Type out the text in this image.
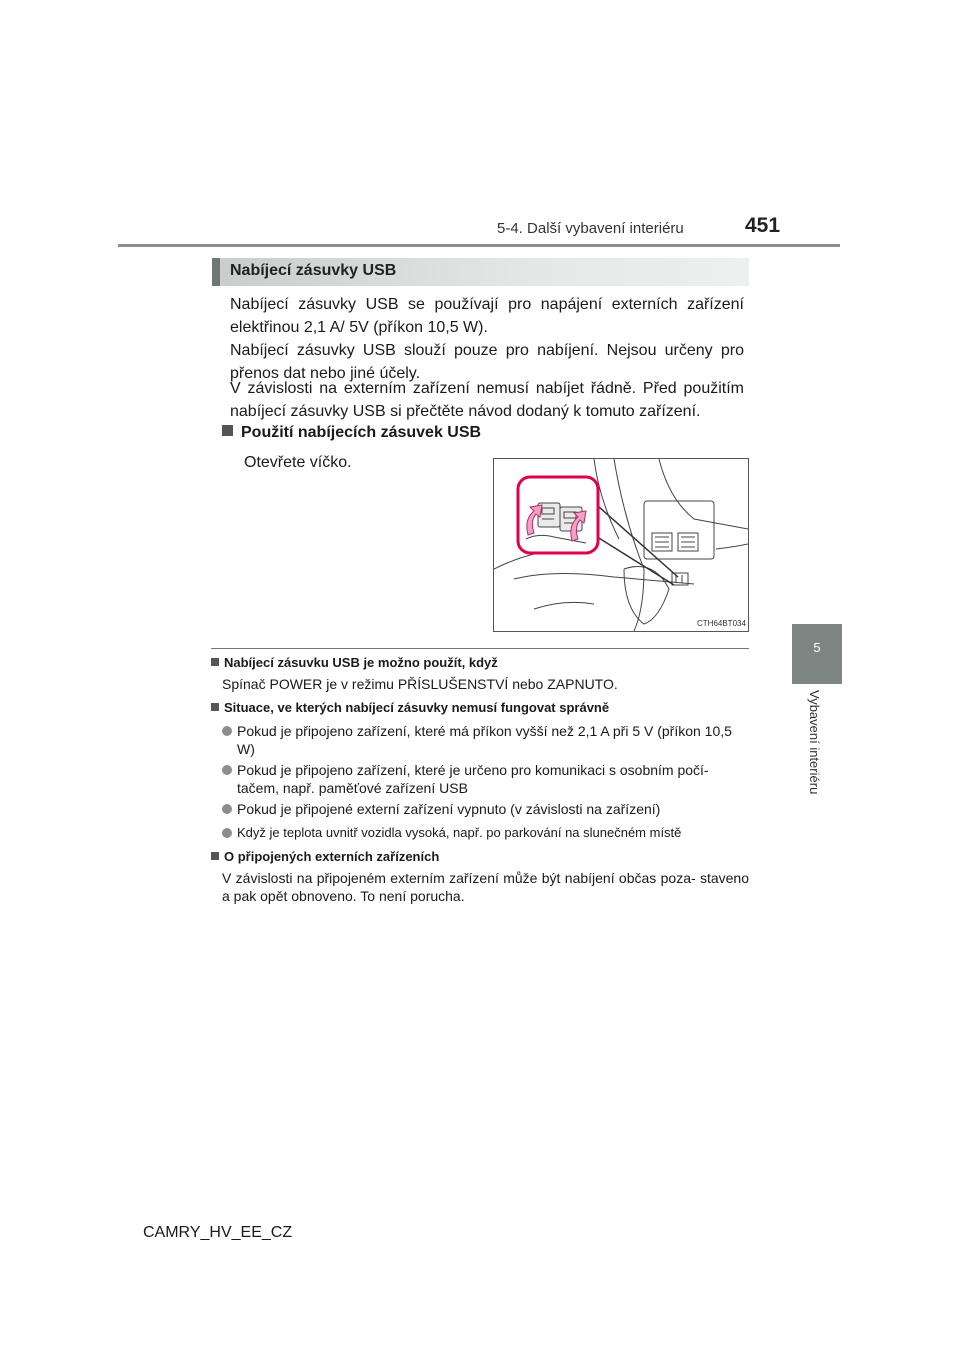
5-4. Další vybavení interiéru	451
5
Vybavení interiéru
Nabíjecí zásuvky USB
Nabíjecí zásuvky USB se používají pro napájení externích zařízení elektřinou 2,1 A/ 5V (příkon 10,5 W).
Nabíjecí zásuvky USB slouží pouze pro nabíjení. Nejsou určeny pro přenos dat nebo jiné účely.
V závislosti na externím zařízení nemusí nabíjet řádně. Před použitím nabíjecí zásuvky USB si přečtěte návod dodaný k tomuto zařízení.
Použití nabíjecích zásuvek USB
Otevřete víčko.
CTH64BT034
Nabíjecí zásuvku USB je možno použít, když
Spínač POWER je v režimu PŘÍSLUŠENSTVÍ nebo ZAPNUTO.
Situace, ve kterých nabíjecí zásuvky nemusí fungovat správně
Pokud je připojeno zařízení, které má příkon vyšší než 2,1 A při 5 V (příkon 10,5 W)
Pokud je připojeno zařízení, které je určeno pro komunikaci s osobním počí- tačem, např. paměťové zařízení USB
Pokud je připojené externí zařízení vypnuto (v závislosti na zařízení)
Když je teplota uvnitř vozidla vysoká, např. po parkování na slunečném místě
O připojených externích zařízeních
V závislosti na připojeném externím zařízení může být nabíjení občas poza- staveno a pak opět obnoveno. To není porucha.
CAMRY_HV_EE_CZ
